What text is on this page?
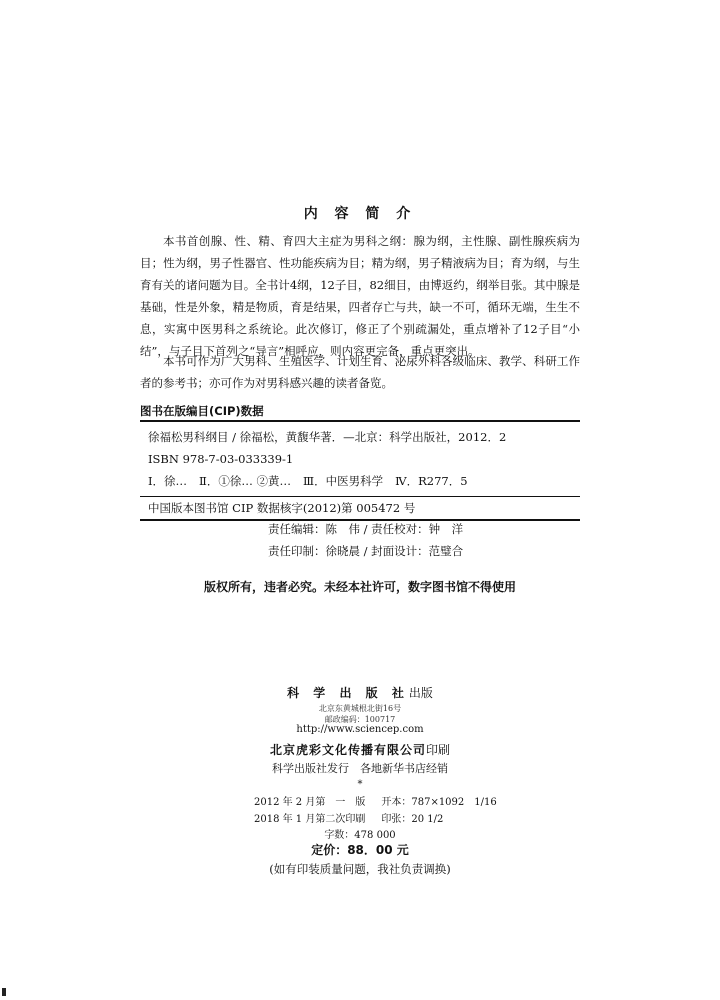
内 容 简 介

本书首创腺、性、精、育四大主症为男科之纲：腺为纲，主性腺、副性腺疾病为目；性为纲，男子性器官、性功能疾病为目；精为纲，男子精液病为目；育为纲，与生育有关的诸问题为目。全书计4纲，12子目，82细目，由博返约，纲举目张。其中腺是基础，性是外象，精是物质，育是结果，四者存亡与共，缺一不可，循环无端，生生不息，实寓中医男科之系统论。此次修订，修正了个别疏漏处，重点增补了12子目“小结”，与子目下首列之“导言”相呼应，则内容更完备，重点更突出。

本书可作为广大男科、生殖医学、计划生育、泌尿外科各级临床、教学、科研工作者的参考书；亦可作为对男科感兴趣的读者备览。

图书在版编目(CIP)数据
徐福松男科纲目 / 徐福松，黄馥华著．—北京：科学出版社，2012．2
ISBN 978-7-03-033339-1
Ⅰ．徐… Ⅱ．①徐… ②黄… Ⅲ．中医男科学 Ⅳ．R277．5
中国版本图书馆 CIP 数据核字(2012)第 005472 号
责任编辑：陈　伟 / 责任校对：钟　洋
责任印制：徐晓晨 / 封面设计：范璧合
版权所有，违者必究。未经本社许可，数字图书馆不得使用
科 学 出 版 社出版
北京东黄城根北街16号
邮政编码：100717
http://www.sciencep.com
北京虎彩文化传播有限公司印刷
科学出版社发行　各地新华书店经销
*
2012 年 2 月第　一　版 开本：787×1092　1/16
2018 年 1 月第二次印刷 印张：20 1/2
字数：478 000
定价：88．00 元
(如有印装质量问题，我社负责调换)
